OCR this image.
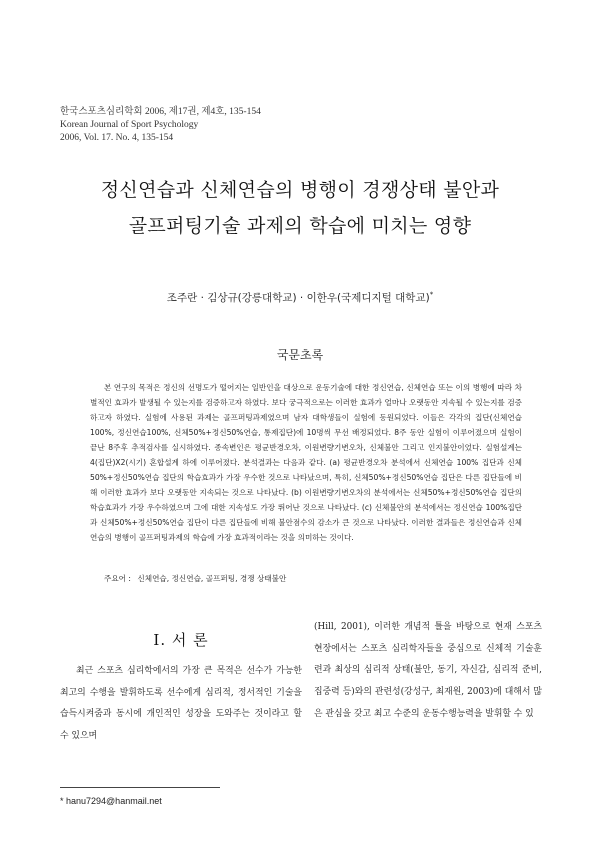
한국스포츠심리학회 2006, 제17권, 제4호, 135-154
Korean Journal of Sport Psychology
2006, Vol. 17. No. 4, 135-154
정신연습과 신체연습의 병행이 경쟁상태 불안과
골프퍼팅기술 과제의 학습에 미치는 영향
조주란 · 김상규(강릉대학교) · 이한우(국제디지털 대학교)*
국문초록
본 연구의 목적은 정신의 선명도가 떨어지는 일반인을 대상으로 운동기술에 대한 정신연습, 신체연습 또는 이의 병행에 따라 차별적인 효과가 발생될 수 있는지를 검증하고자 하였다. 보다 궁극적으로는 이러한 효과가 얼마나 오랫동안 지속될 수 있는지를 검증하고자 하였다. 실험에 사용된 과제는 골프퍼팅과제였으며 남자 대학생들이 실험에 동원되었다. 이들은 각각의 집단(신체연습100%, 정신연습100%, 신체50%+정신50%연습, 통제집단)에 10명씩 무선 배정되었다. 8주 동안 실험이 이루어졌으며 실험이 끝난 8주후 추적검사를 실시하였다. 종속변인은 평균반경오차, 이원변량기변오차, 신체불안 그리고 인지불안이었다. 실험설계는 4(집단)X2(시기) 혼합설계 하에 이루어졌다. 분석결과는 다음과 같다. (a) 평균반경오차 분석에서 신체연습 100% 집단과 신체50%+정신50%연습 집단의 학습효과가 가장 우수한 것으로 나타났으며, 특히, 신체50%+정신50%연습 집단은 다른 집단들에 비해 이러한 효과가 보다 오랫동안 지속되는 것으로 나타났다. (b) 이원변량기변오차의 분석에서는 신체50%+정신50%연습 집단의 학습효과가 가장 우수하였으며 그에 대한 지속성도 가장 뛰어난 것으로 나타났다. (c) 신체불안의 분석에서는 정신연습 100%집단과 신체50%+정신50%연습 집단이 다른 집단들에 비해 불안점수의 감소가 큰 것으로 나타났다. 이러한 결과들은 정신연습과 신체연습의 병행이 골프퍼팅과제의 학습에 가장 효과적이라는 것을 의미하는 것이다.
주요어 : 신체연습, 정신연습, 골프퍼팅, 경쟁 상태불안
I. 서 론
최근 스포츠 심리학에서의 가장 큰 목적은 선수가 가능한 최고의 수행을 발휘하도록 선수에게 심리적, 정서적인 기술을 습득시켜줌과 동시에 개인적인 성장을 도와주는 것이라고 할 수 있으며
(Hill, 2001), 이러한 개념적 틀을 바탕으로 현재 스포츠 현장에서는 스포츠 심리학자들을 중심으로 신체적 기술훈련과 최상의 심리적 상태(불안, 동기, 자신감, 심리적 준비, 집중력 등)와의 관련성(강성구, 최재원, 2003)에 대해서 많은 관심을 갖고 최고 수준의 운동수행능력을 발휘할 수 있
* hanu7294@hanmail.net
